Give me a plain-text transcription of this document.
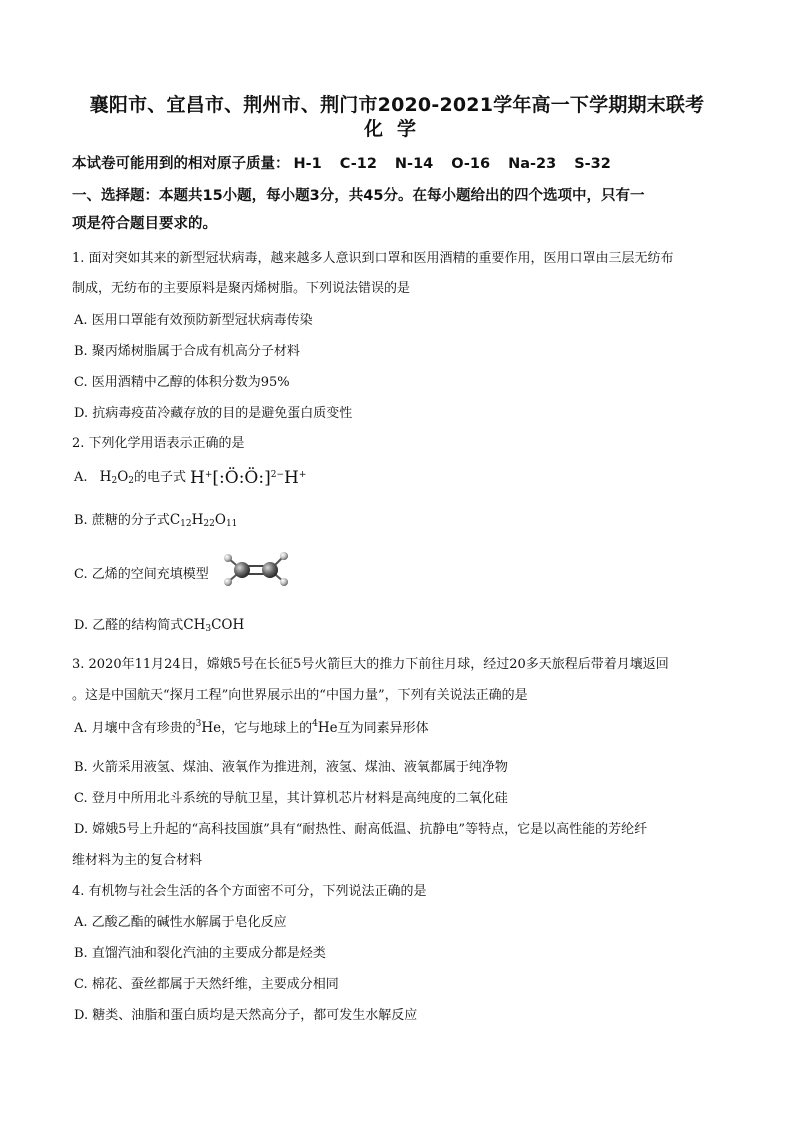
襄阳市、宜昌市、荆州市、荆门市2020-2021学年高一下学期期末联考
化学
本试卷可能用到的相对原子质量： H-1 C-12 N-14 O-16 Na-23 S-32
一、选择题：本题共15小题，每小题3分，共45分。在每小题给出的四个选项中，只有一
项是符合题目要求的。
1. 面对突如其来的新型冠状病毒，越来越多人意识到口罩和医用酒精的重要作用，医用口罩由三层无纺布
制成，无纺布的主要原料是聚丙烯树脂。下列说法错误的是
A. 医用口罩能有效预防新型冠状病毒传染
B. 聚丙烯树脂属于合成有机高分子材料
C. 医用酒精中乙醇的体积分数为95%
D. 抗病毒疫苗冷藏存放的目的是避免蛋白质变性
2. 下列化学用语表示正确的是
A. $H_2O_2$的电子式 H+[:Ö:Ö:]$^{2-}$H+
B. 蔗糖的分子式$C_{12}H_{22}O_{11}$
C. 乙烯的空间充填模型
D. 乙醛的结构简式$CH_3COH$
3. 2020年11月24日，嫦娥5号在长征5号火箭巨大的推力下前往月球，经过20多天旅程后带着月壤返回
。这是中国航天“探月工程”向世界展示出的“中国力量”，下列有关说法正确的是
A. 月壤中含有珍贵的$^3$He，它与地球上的$^4$He互为同素异形体
B. 火箭采用液氢、煤油、液氧作为推进剂，液氢、煤油、液氧都属于纯净物
C. 登月中所用北斗系统的导航卫星，其计算机芯片材料是高纯度的二氧化硅
D. 嫦娥5号上升起的“高科技国旗”具有“耐热性、耐高低温、抗静电”等特点，它是以高性能的芳纶纤
维材料为主的复合材料
4. 有机物与社会生活的各个方面密不可分，下列说法正确的是
A. 乙酸乙酯的碱性水解属于皂化反应
B. 直馏汽油和裂化汽油的主要成分都是烃类
C. 棉花、蚕丝都属于天然纤维，主要成分相同
D. 糖类、油脂和蛋白质均是天然高分子，都可发生水解反应
